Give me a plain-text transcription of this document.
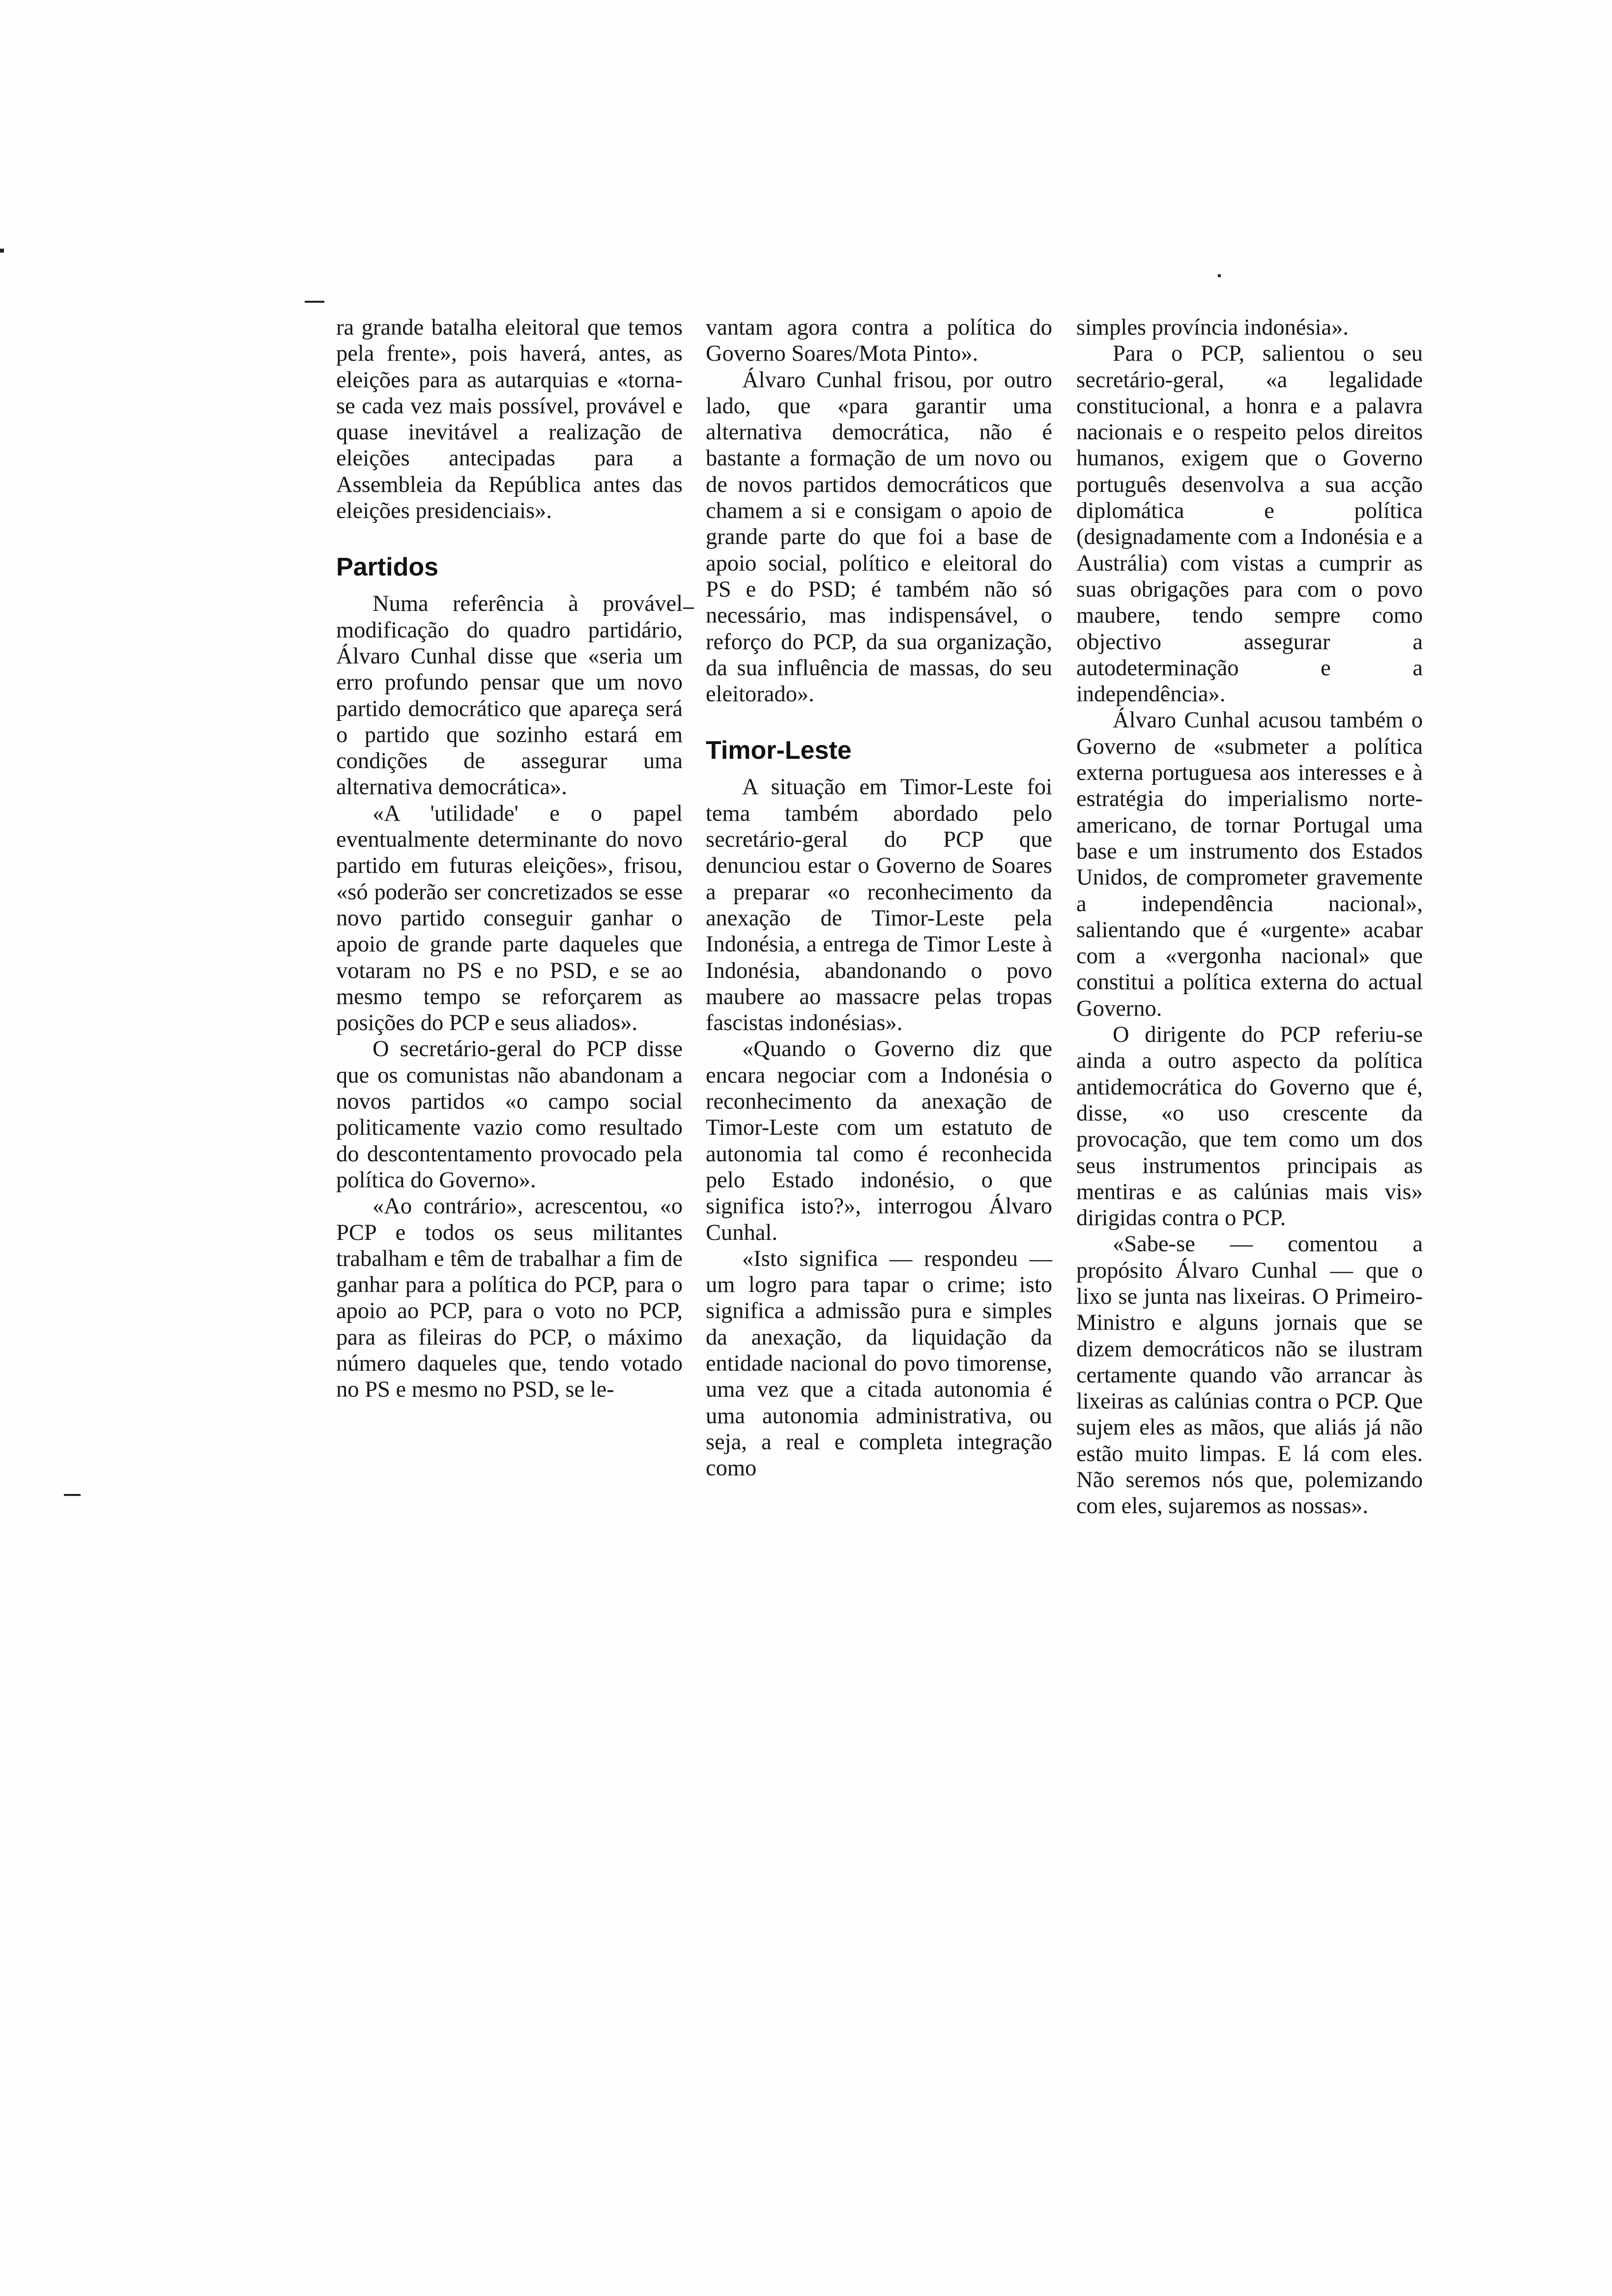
ra grande batalha eleitoral que temos pela frente», pois haverá, antes, as eleições para as autarquias e «torna-se cada vez mais possível, provável e quase inevitável a realização de eleições antecipadas para a Assembleia da República antes das eleições presidenciais».

Partidos

Numa referência à provável modificação do quadro partidário, Álvaro Cunhal disse que «seria um erro profundo pensar que um novo partido democrático que apareça será o partido que sozinho estará em condições de assegurar uma alternativa democrática».

«A 'utilidade' e o papel eventualmente determinante do novo partido em futuras eleições», frisou, «só poderão ser concretizados se esse novo partido conseguir ganhar o apoio de grande parte daqueles que votaram no PS e no PSD, e se ao mesmo tempo se reforçarem as posições do PCP e seus aliados».

O secretário-geral do PCP disse que os comunistas não abandonam a novos partidos «o campo social politicamente vazio como resultado do descontentamento provocado pela política do Governo».

«Ao contrário», acrescentou, «o PCP e todos os seus militantes trabalham e têm de trabalhar a fim de ganhar para a política do PCP, para o apoio ao PCP, para o voto no PCP, para as fileiras do PCP, o máximo número daqueles que, tendo votado no PS e mesmo no PSD, se le-

vantam agora contra a política do Governo Soares/Mota Pinto».

Álvaro Cunhal frisou, por outro lado, que «para garantir uma alternativa democrática, não é bastante a formação de um novo ou de novos partidos democráticos que chamem a si e consigam o apoio de grande parte do que foi a base de apoio social, político e eleitoral do PS e do PSD; é também não só necessário, mas indispensável, o reforço do PCP, da sua organização, da sua influência de massas, do seu eleitorado».

Timor-Leste

A situação em Timor-Leste foi tema também abordado pelo secretário-geral do PCP que denunciou estar o Governo de Soares a preparar «o reconhecimento da anexação de Timor-Leste pela Indonésia, a entrega de Timor Leste à Indonésia, abandonando o povo maubere ao massacre pelas tropas fascistas indonésias».

«Quando o Governo diz que encara negociar com a Indonésia o reconhecimento da anexação de Timor-Leste com um estatuto de autonomia tal como é reconhecida pelo Estado indonésio, o que significa isto?», interrogou Álvaro Cunhal.

«Isto significa — respondeu — um logro para tapar o crime; isto significa a admissão pura e simples da anexação, da liquidação da entidade nacional do povo timorense, uma vez que a citada autonomia é uma autonomia administrativa, ou seja, a real e completa integração como

simples província indonésia».

Para o PCP, salientou o seu secretário-geral, «a legalidade constitucional, a honra e a palavra nacionais e o respeito pelos direitos humanos, exigem que o Governo português desenvolva a sua acção diplomática e política (designadamente com a Indonésia e a Austrália) com vistas a cumprir as suas obrigações para com o povo maubere, tendo sempre como objectivo assegurar a autodeterminação e a independência».

Álvaro Cunhal acusou também o Governo de «submeter a política externa portuguesa aos interesses e à estratégia do imperialismo norte-americano, de tornar Portugal uma base e um instrumento dos Estados Unidos, de comprometer gravemente a independência nacional», salientando que é «urgente» acabar com a «vergonha nacional» que constitui a política externa do actual Governo.

O dirigente do PCP referiu-se ainda a outro aspecto da política antidemocrática do Governo que é, disse, «o uso crescente da provocação, que tem como um dos seus instrumentos principais as mentiras e as calúnias mais vis» dirigidas contra o PCP.

«Sabe-se — comentou a propósito Álvaro Cunhal — que o lixo se junta nas lixeiras. O Primeiro-Ministro e alguns jornais que se dizem democráticos não se ilustram certamente quando vão arrancar às lixeiras as calúnias contra o PCP. Que sujem eles as mãos, que aliás já não estão muito limpas. E lá com eles. Não seremos nós que, polemizando com eles, sujaremos as nossas».
